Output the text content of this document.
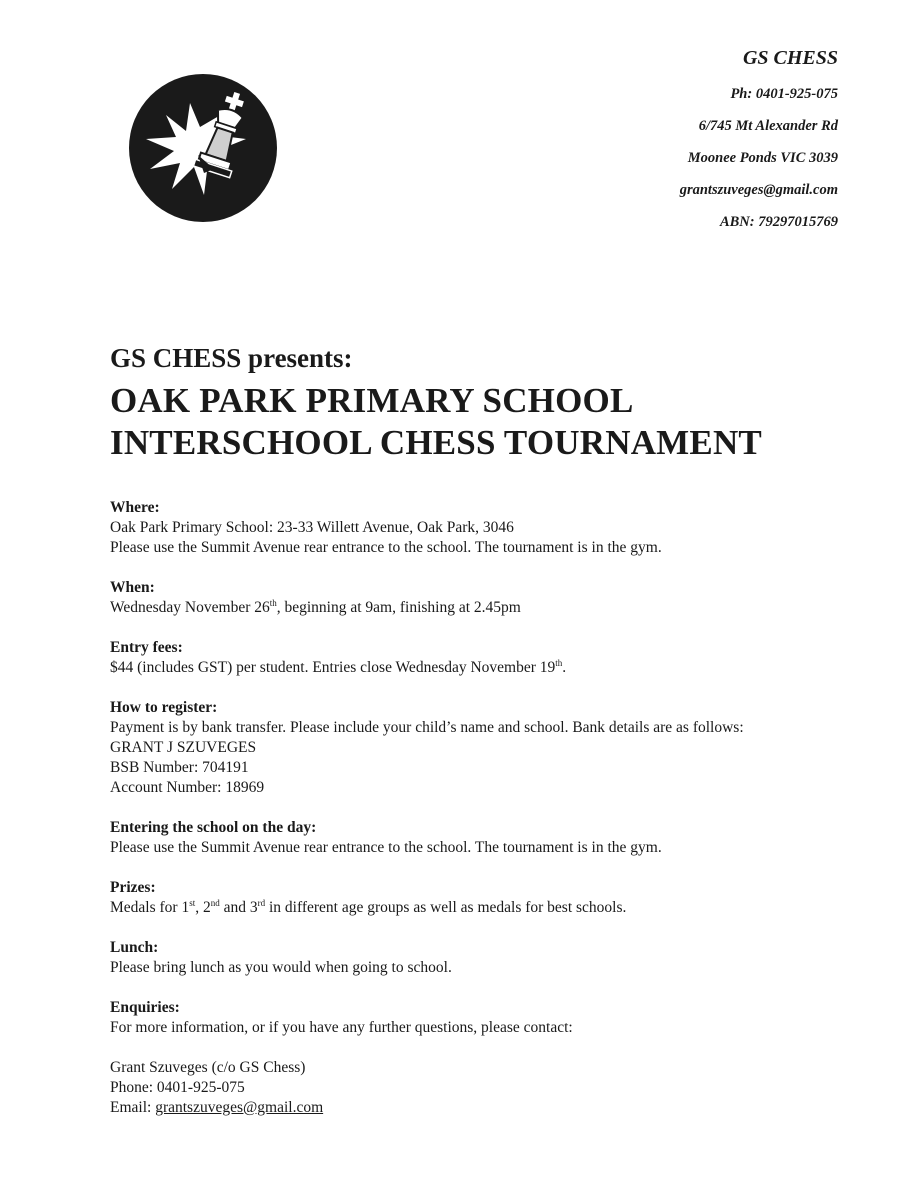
GS CHESS
Ph: 0401-925-075
6/745 Mt Alexander Rd
Moonee Ponds VIC 3039
grantszuveges@gmail.com
ABN: 79297015769

GS CHESS presents:

OAK PARK PRIMARY SCHOOL
INTERSCHOOL CHESS TOURNAMENT

Where:

Oak Park Primary School: 23-33 Willett Avenue, Oak Park, 3046

Please use the Summit Avenue rear entrance to the school. The tournament is in the gym.

When:

Wednesday November 26th, beginning at 9am, finishing at 2.45pm

Entry fees:

$44 (includes GST) per student. Entries close Wednesday November 19th.

How to register:

Payment is by bank transfer. Please include your child’s name and school. Bank details are as follows:

GRANT J SZUVEGES

BSB Number: 704191

Account Number: 18969

Entering the school on the day:

Please use the Summit Avenue rear entrance to the school. The tournament is in the gym.

Prizes:

Medals for 1st, 2nd and 3rd in different age groups as well as medals for best schools.

Lunch:

Please bring lunch as you would when going to school.

Enquiries:

For more information, or if you have any further questions, please contact:

Grant Szuveges (c/o GS Chess)
Phone: 0401-925-075
Email: grantszuveges@gmail.com
